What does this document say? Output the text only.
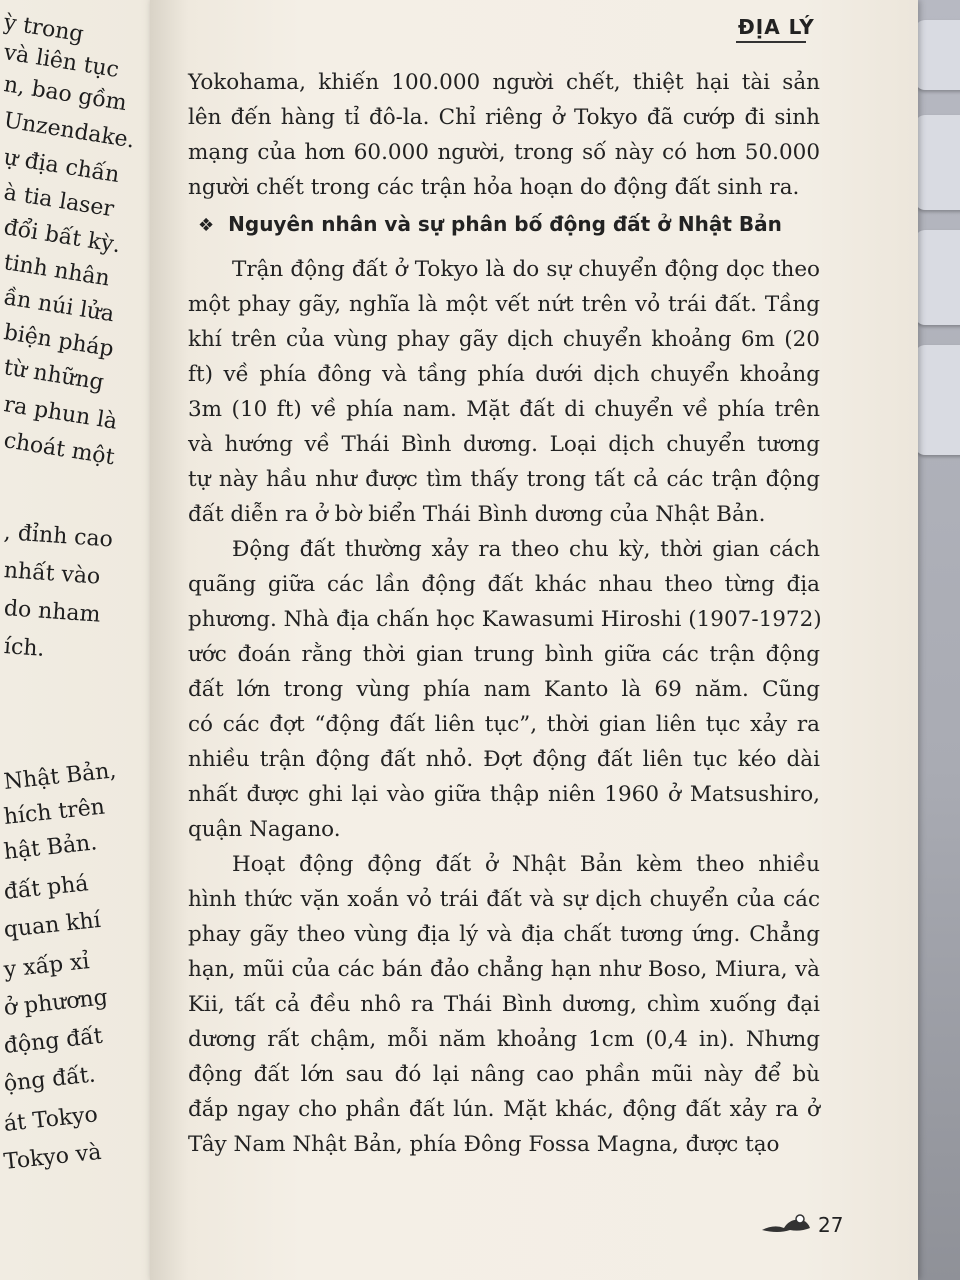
ỳ trong
và liên tục
n, bao gồm
Unzendake.
ự địa chấn
à tia laser
đổi bất kỳ.
tinh nhân
ần núi lửa
biện pháp
từ những
ra phun là
choát một
, đỉnh cao
nhất vào
do nham
ích.
Nhật Bản,
hích trên
hật Bản.
đất phá
quan khí
y xấp xỉ
ở phương
động đất
ộng đất.
át Tokyo
Tokyo và
ĐỊA LÝ
Yokohama, khiến 100.000 người chết, thiệt hại tài sản
lên đến hàng tỉ đô-la. Chỉ riêng ở Tokyo đã cướp đi sinh
mạng của hơn 60.000 người, trong số này có hơn 50.000
người chết trong các trận hỏa hoạn do động đất sinh ra.
Trận động đất ở Tokyo là do sự chuyển động dọc theo
một phay gãy, nghĩa là một vết nứt trên vỏ trái đất. Tầng
khí trên của vùng phay gãy dịch chuyển khoảng 6m (20
ft) về phía đông và tầng phía dưới dịch chuyển khoảng
3m (10 ft) về phía nam. Mặt đất di chuyển về phía trên
và hướng về Thái Bình dương. Loại dịch chuyển tương
tự này hầu như được tìm thấy trong tất cả các trận động
đất diễn ra ở bờ biển Thái Bình dương của Nhật Bản.
Động đất thường xảy ra theo chu kỳ, thời gian cách
quãng giữa các lần động đất khác nhau theo từng địa
phương. Nhà địa chấn học Kawasumi Hiroshi (1907-1972)
ước đoán rằng thời gian trung bình giữa các trận động
đất lớn trong vùng phía nam Kanto là 69 năm. Cũng
có các đợt “động đất liên tục”, thời gian liên tục xảy ra
nhiều trận động đất nhỏ. Đợt động đất liên tục kéo dài
nhất được ghi lại vào giữa thập niên 1960 ở Matsushiro,
quận Nagano.
Hoạt động động đất ở Nhật Bản kèm theo nhiều
hình thức vặn xoắn vỏ trái đất và sự dịch chuyển của các
phay gãy theo vùng địa lý và địa chất tương ứng. Chẳng
hạn, mũi của các bán đảo chẳng hạn như Boso, Miura, và
Kii, tất cả đều nhô ra Thái Bình dương, chìm xuống đại
dương rất chậm, mỗi năm khoảng 1cm (0,4 in). Nhưng
động đất lớn sau đó lại nâng cao phần mũi này để bù
đắp ngay cho phần đất lún. Mặt khác, động đất xảy ra ở
Tây Nam Nhật Bản, phía Đông Fossa Magna, được tạo
❖ Nguyên nhân và sự phân bố động đất ở Nhật Bản
27
